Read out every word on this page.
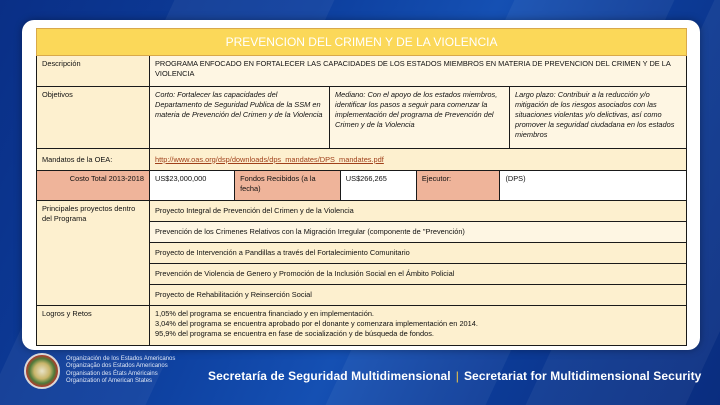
PREVENCION DEL CRIMEN Y DE LA VIOLENCIA
Descripción	PROGRAMA ENFOCADO EN FORTALECER LAS CAPACIDADES DE LOS ESTADOS MIEMBROS EN MATERIA DE PREVENCION DEL CRIMEN Y DE LA VIOLENCIA
Objetivos	Corto: Fortalecer las capacidades del Departamento de Seguridad Publica de la SSM en materia de Prevención del Crimen y de la Violencia	Mediano: Con el apoyo de los estados miembros, identificar los pasos a seguir para comenzar la implementación del programa de Prevención del Crimen y de la Violencia	Largo plazo: Contribuir a la reducción y/o mitigación de los riesgos asociados con las situaciones violentas y/o delictivas, así como promover la seguridad ciudadana en los estados miembros
Mandatos de la OEA:	http://www.oas.org/dsp/downloads/dps_mandates/DPS_mandates.pdf
Costo Total 2013-2018	US$23,000,000	Fondos Recibidos (a la fecha)	US$266,265	Ejecutor:	(DPS)

Principales proyectos dentro del Programa	Proyecto Integral de Prevención del Crimen y de la Violencia
Prevención de los Crimenes Relativos con la Migración Irregular (componente de "Prevención)
Proyecto de Intervención a Pandillas a través del Fortalecimiento Comunitario
Prevención de Violencia de Genero y Promoción de la Inclusión Social en el Ámbito Policial
Proyecto de Rehabilitación y Reinserción Social
Logros y Retos	1,05% del programa se encuentra financiado y en implementación.
3,04% del programa se encuentra aprobado por el donante y comenzara implementación en 2014.
95,9% del programa se encuentra en fase de socialización y de búsqueda de fondos.
Organización de los Estados Americanos
Organização dos Estados Americanos
Organisation des États Américains
Organization of American States	Secretaría de Seguridad Multidimensional | Secretariat for Multidimensional Security
